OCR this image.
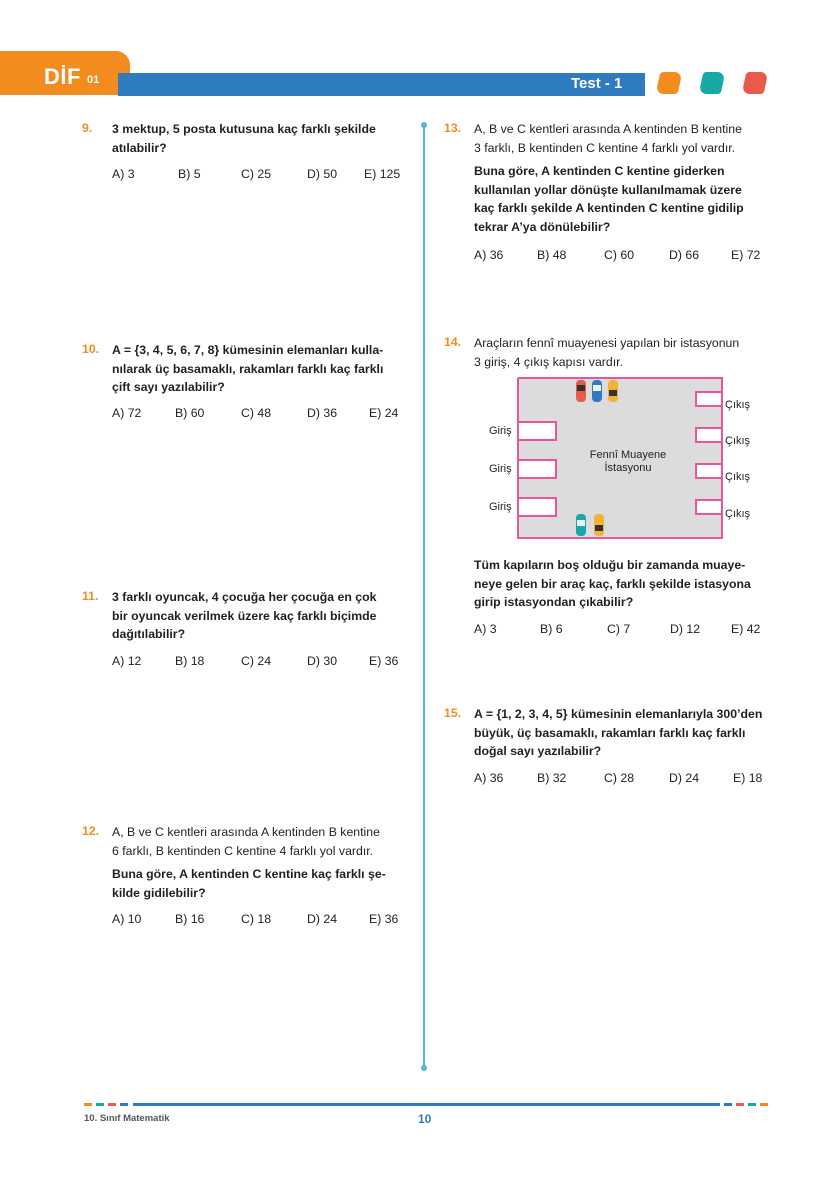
DİF 01	Test - 1
9. 3 mektup, 5 posta kutusuna kaç farklı şekilde
atılabilir?
A) 3	B) 5	C) 25	D) 50 E) 125
10. A = {3, 4, 5, 6, 7, 8} kümesinin elemanları kulla-
nılarak üç basamaklı, rakamları farklı kaç farklı
çift sayı yazılabilir?
A) 72	B) 60	C) 48	D) 36	E) 24
11. 3 farklı oyuncak, 4 çocuğa her çocuğa en çok
bir oyuncak verilmek üzere kaç farklı biçimde
dağıtılabilir?
A) 12	B) 18	C) 24	D) 30	E) 36
12. A, B ve C kentleri arasında A kentinden B kentine
6 farklı, B kentinden C kentine 4 farklı yol vardır.
Buna göre, A kentinden C kentine kaç farklı şe-
kilde gidilebilir?
A) 10	B) 16	C) 18	D) 24	E) 36
13. A, B ve C kentleri arasında A kentinden B kentine
3 farklı, B kentinden C kentine 4 farklı yol vardır.
Buna göre, A kentinden C kentine giderken
kullanılan yollar dönüşte kullanılmamak üzere
kaç farklı şekilde A kentinden C kentine gidilip
tekrar A’ya dönülebilir?
A) 36	B) 48	C) 60	D) 66	E) 72
14. Araçların fennî muayenesi yapılan bir istasyonun
3 giriş, 4 çıkış kapısı vardır.
Fennî Muayene
İstasyonu
Giriş
Giriş
Giriş
Çıkış
Çıkış
Çıkış
Çıkış
Tüm kapıların boş olduğu bir zamanda muaye-
neye gelen bir araç kaç, farklı şekilde istasyona
girip istasyondan çıkabilir?
A) 3	B) 6	C) 7	D) 12	E) 42
15. A = {1, 2, 3, 4, 5} kümesinin elemanlarıyla 300’den
büyük, üç basamaklı, rakamları farklı kaç farklı
doğal sayı yazılabilir?
A) 36	B) 32	C) 28	D) 24	E) 18
10. Sınıf Matematik	10
